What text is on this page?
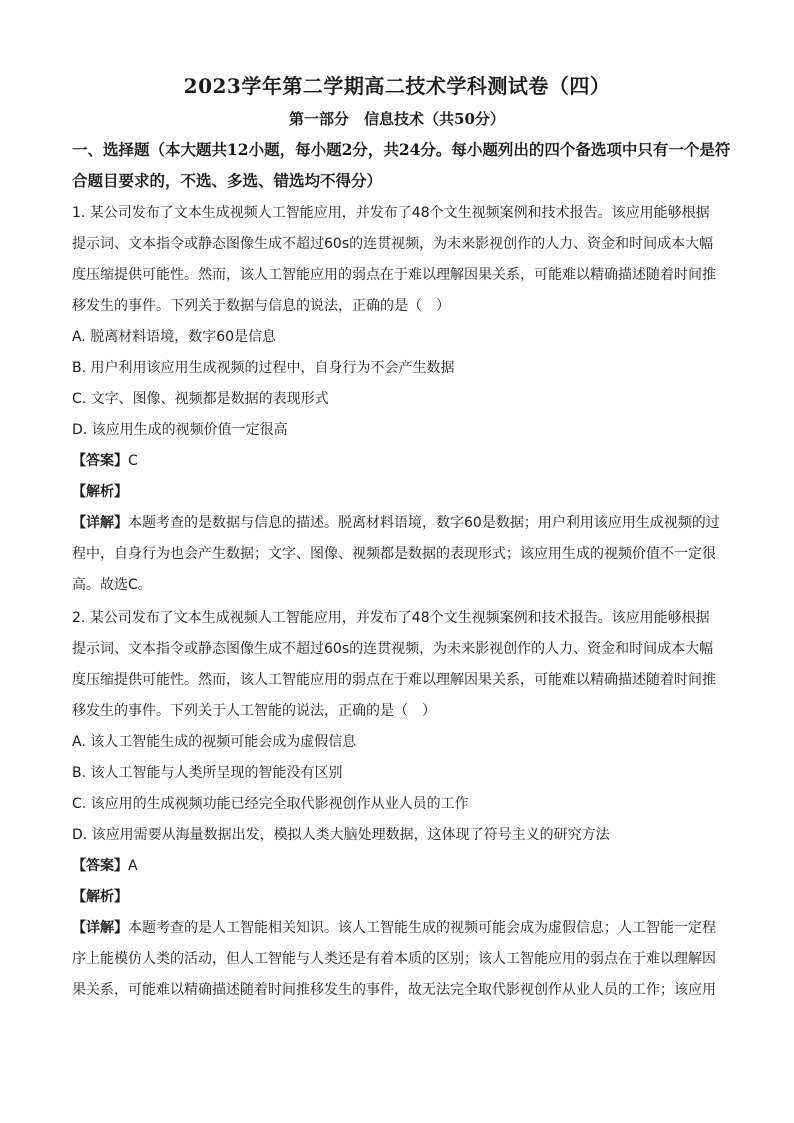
2023学年第二学期高二技术学科测试卷（四）
第一部分　信息技术（共50分）
一、选择题（本大题共12小题，每小题2分，共24分。每小题列出的四个备选项中只有一个是符合题目要求的，不选、多选、错选均不得分）
1. 某公司发布了文本生成视频人工智能应用，并发布了48个文生视频案例和技术报告。该应用能够根据提示词、文本指令或静态图像生成不超过60s的连贯视频，为未来影视创作的人力、资金和时间成本大幅度压缩提供可能性。然而，该人工智能应用的弱点在于难以理解因果关系，可能难以精确描述随着时间推移发生的事件。下列关于数据与信息的说法，正确的是（　）
A. 脱离材料语境，数字60是信息
B. 用户利用该应用生成视频的过程中，自身行为不会产生数据
C. 文字、图像、视频都是数据的表现形式
D. 该应用生成的视频价值一定很高
【答案】C
【解析】
【详解】本题考查的是数据与信息的描述。脱离材料语境，数字60是数据；用户利用该应用生成视频的过程中，自身行为也会产生数据；文字、图像、视频都是数据的表现形式；该应用生成的视频价值不一定很高。故选C。
2. 某公司发布了文本生成视频人工智能应用，并发布了48个文生视频案例和技术报告。该应用能够根据提示词、文本指令或静态图像生成不超过60s的连贯视频，为未来影视创作的人力、资金和时间成本大幅度压缩提供可能性。然而，该人工智能应用的弱点在于难以理解因果关系，可能难以精确描述随着时间推移发生的事件。下列关于人工智能的说法，正确的是（　）
A. 该人工智能生成的视频可能会成为虚假信息
B. 该人工智能与人类所呈现的智能没有区别
C. 该应用的生成视频功能已经完全取代影视创作从业人员的工作
D. 该应用需要从海量数据出发，模拟人类大脑处理数据，这体现了符号主义的研究方法
【答案】A
【解析】
【详解】本题考查的是人工智能相关知识。该人工智能生成的视频可能会成为虚假信息；人工智能一定程序上能模仿人类的活动，但人工智能与人类还是有着本质的区别；该人工智能应用的弱点在于难以理解因果关系，可能难以精确描述随着时间推移发生的事件，故无法完全取代影视创作从业人员的工作；该应用
